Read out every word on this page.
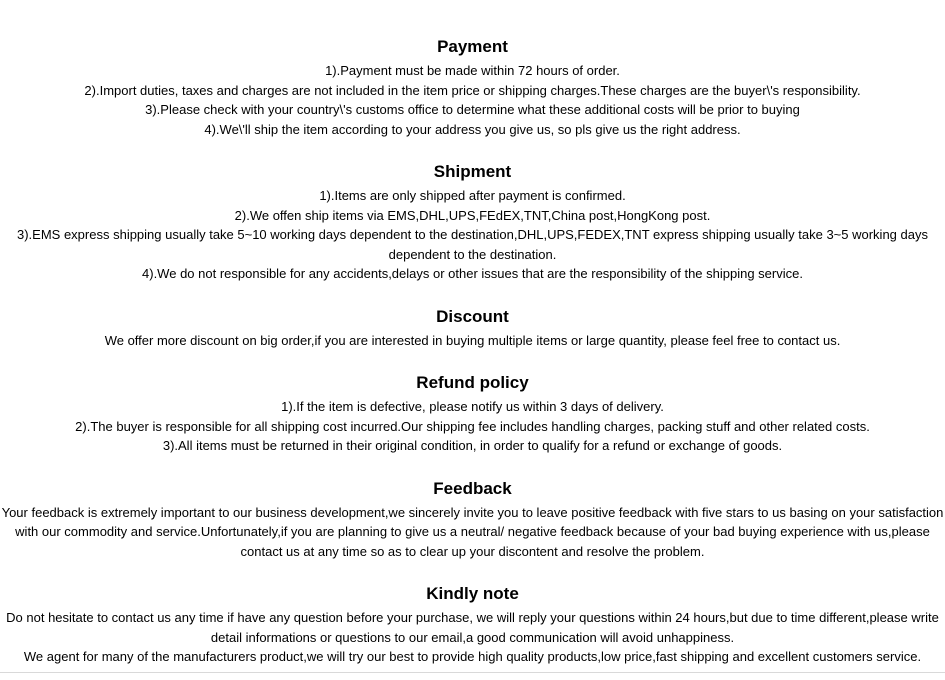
Payment
1).Payment must be made within 72 hours of order.
2).Import duties, taxes and charges are not included in the item price or shipping charges.These charges are the buyer\'s responsibility.
3).Please check with your country\'s customs office to determine what these additional costs will be prior to buying
4).We\'ll ship the item according to your address you give us, so pls give us the right address.
Shipment
1).Items are only shipped after payment is confirmed.
2).We offen ship items via EMS,DHL,UPS,FEdEX,TNT,China post,HongKong post.
3).EMS express shipping usually take 5~10 working days dependent to the destination,DHL,UPS,FEDEX,TNT express shipping usually take 3~5 working days
dependent to the destination.
4).We do not responsible for any accidents,delays or other issues that are the responsibility of the shipping service.
Discount
We offer more discount on big order,if you are interested in buying multiple items or large quantity, please feel free to contact us.
Refund policy
1).If the item is defective, please notify us within 3 days of delivery.
2).The buyer is responsible for all shipping cost incurred.Our shipping fee includes handling charges, packing stuff and other related costs.
3).All items must be returned in their original condition, in order to qualify for a refund or exchange of goods.
Feedback
Your feedback is extremely important to our business development,we sincerely invite you to leave positive feedback with five stars to us basing on your satisfaction
with our commodity and service.Unfortunately,if you are planning to give us a neutral/ negative feedback because of your bad buying experience with us,please
contact us at any time so as to clear up your discontent and resolve the problem.
Kindly note
Do not hesitate to contact us any time if have any question before your purchase, we will reply your questions within 24 hours,but due to time different,please write
detail informations or questions to our email,a good communication will avoid unhappiness.
We agent for many of the manufacturers product,we will try our best to provide high quality products,low price,fast shipping and excellent customers service.
